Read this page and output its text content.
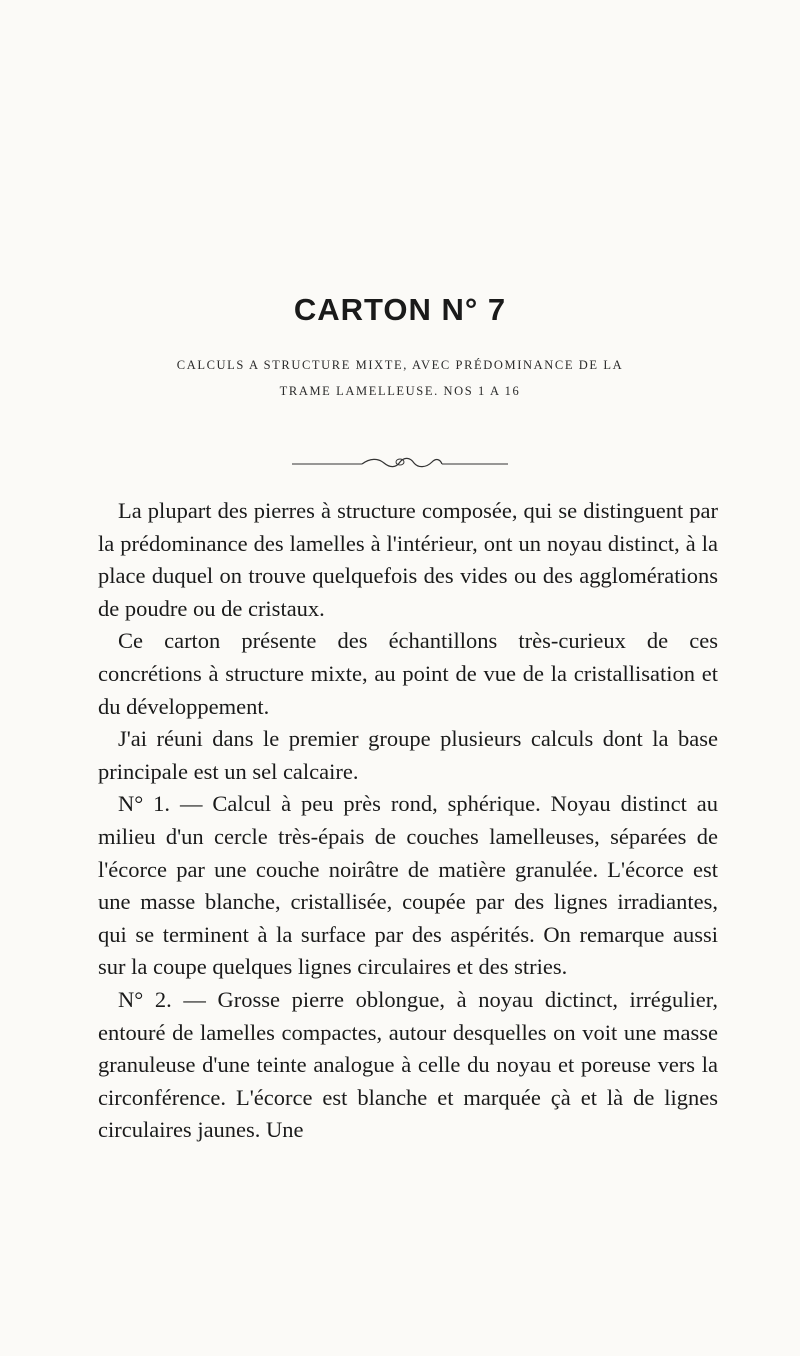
CARTON N° 7
CALCULS A STRUCTURE MIXTE, AVEC PRÉDOMINANCE DE LA
TRAME LAMELLEUSE. NOS 1 A 16

La plupart des pierres à structure composée, qui se distinguent par la prédominance des lamelles à l'intérieur, ont un noyau distinct, à la place duquel on trouve quelquefois des vides ou des agglomérations de poudre ou de cristaux.

Ce carton présente des échantillons très-curieux de ces concrétions à structure mixte, au point de vue de la cristallisation et du développement.

J'ai réuni dans le premier groupe plusieurs calculs dont la base principale est un sel calcaire.

N° 1. — Calcul à peu près rond, sphérique. Noyau distinct au milieu d'un cercle très-épais de couches lamelleuses, séparées de l'écorce par une couche noirâtre de matière granulée. L'écorce est une masse blanche, cristallisée, coupée par des lignes irradiantes, qui se terminent à la surface par des aspérités. On remarque aussi sur la coupe quelques lignes circulaires et des stries.

N° 2. — Grosse pierre oblongue, à noyau dictinct, irrégulier, entouré de lamelles compactes, autour desquelles on voit une masse granuleuse d'une teinte analogue à celle du noyau et poreuse vers la circonférence. L'écorce est blanche et marquée çà et là de lignes circulaires jaunes. Une
